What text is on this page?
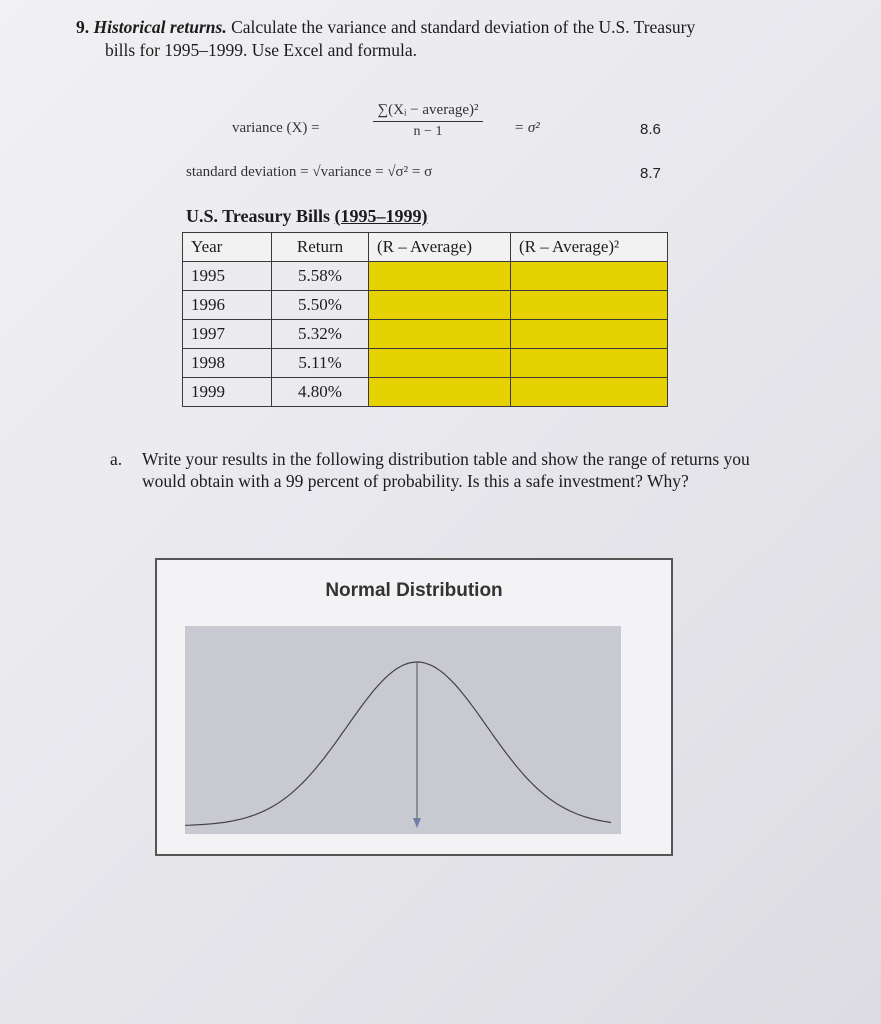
9. Historical returns. Calculate the variance and standard deviation of the U.S. Treasury
bills for 1995–1999. Use Excel and formula.
variance (X) =
∑(Xᵢ − average)²
n − 1	= σ²	8.6
standard deviation = √variance = √σ² = σ	8.7
U.S. Treasury Bills (1995–1999)
Year	Return	(R – Average)	(R – Average)²
1995	5.58%		
1996	5.50%		
1997	5.32%		
1998	5.11%		
1999	4.80%		
a. Write your results in the following distribution table and show the range of returns you would obtain with a 99 percent of probability. Is this a safe investment? Why?
Normal Distribution
